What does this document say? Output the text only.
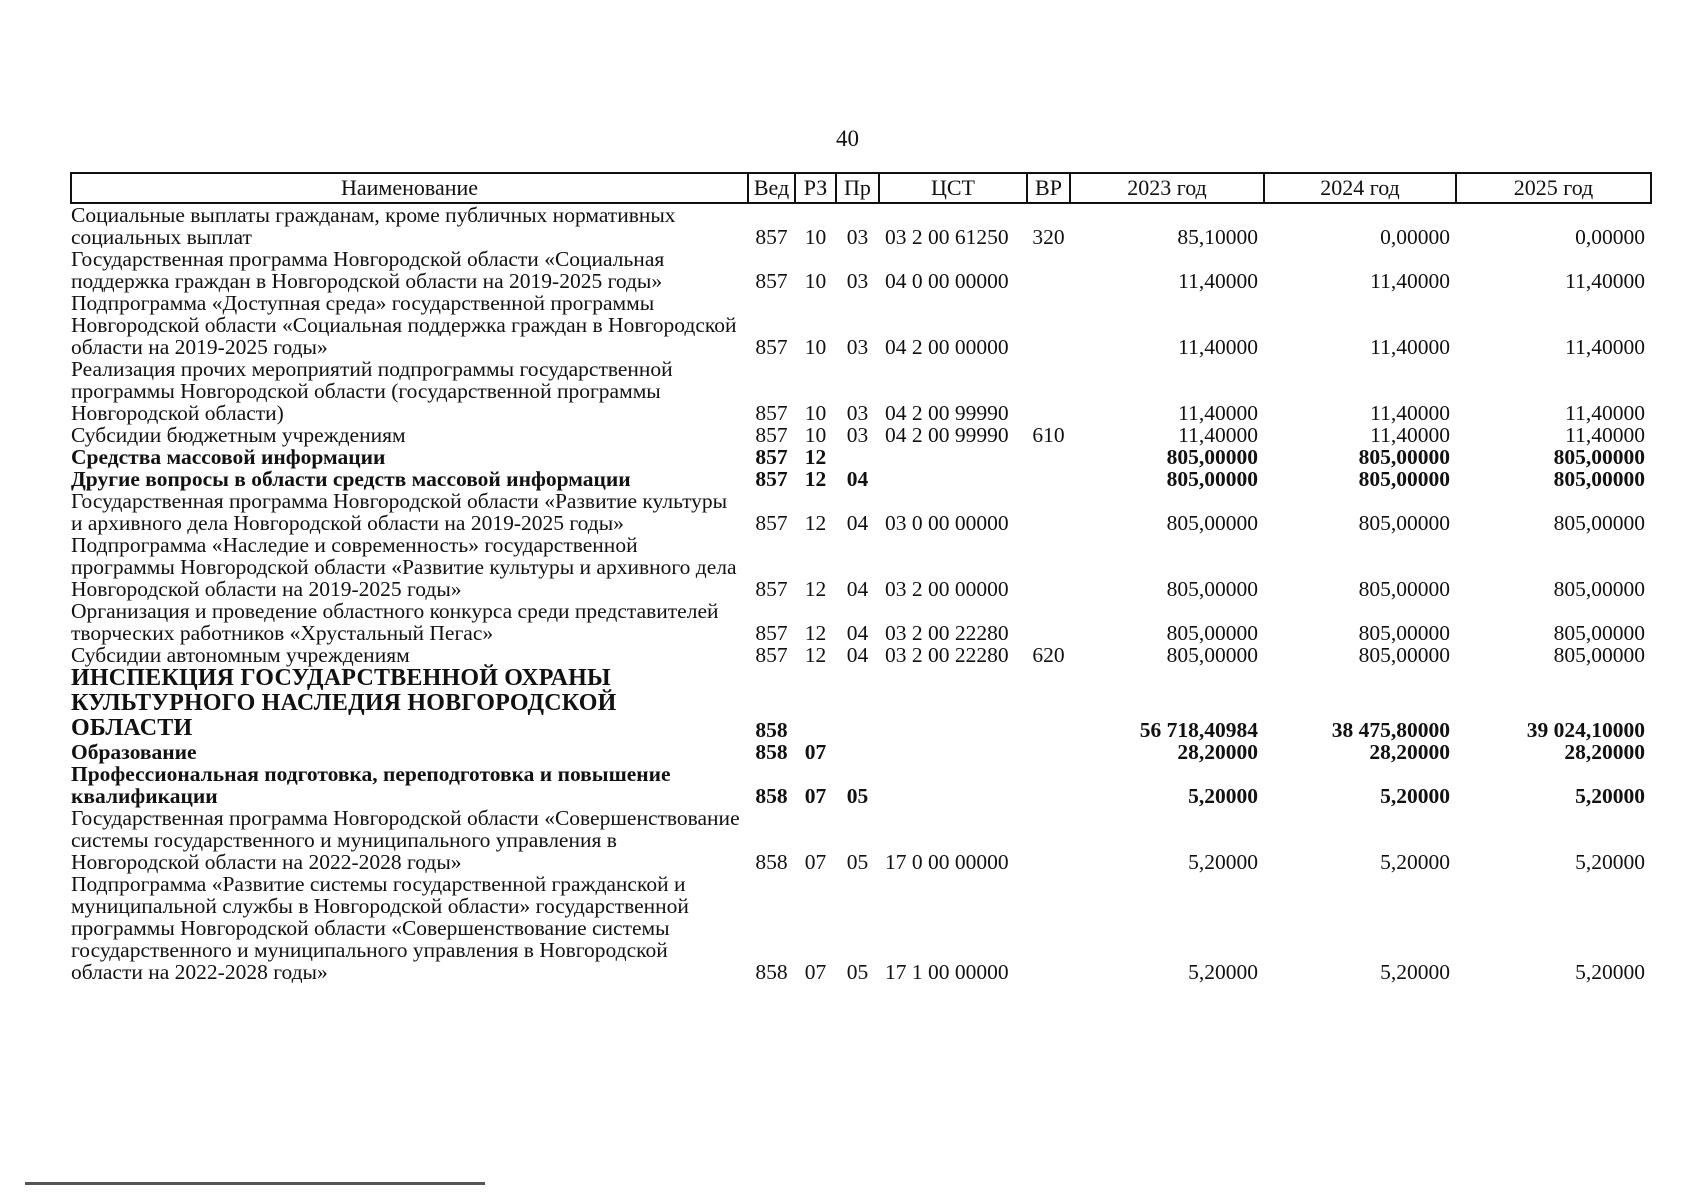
40
Наименование	Вед	РЗ	Пр	ЦСТ	ВР	2023 год	2024 год	2025 год
Социальные выплаты гражданам, кроме публичных нормативных социальных выплат	857	10	03	03 2 00 61250	320	85,10000	0,00000	0,00000
Государственная программа Новгородской области «Социальная поддержка граждан в Новгородской области на 2019-2025 годы»	857	10	03	04 0 00 00000		11,40000	11,40000	11,40000
Подпрограмма «Доступная среда» государственной программы Новгородской области «Социальная поддержка граждан в Новгородской области на 2019-2025 годы»	857	10	03	04 2 00 00000		11,40000	11,40000	11,40000
Реализация прочих мероприятий подпрограммы государственной программы Новгородской области (государственной программы Новгородской области)	857	10	03	04 2 00 99990		11,40000	11,40000	11,40000
Субсидии бюджетным учреждениям	857	10	03	04 2 00 99990	610	11,40000	11,40000	11,40000
Средства массовой информации	857	12				805,00000	805,00000	805,00000
Другие вопросы в области средств массовой информации	857	12	04			805,00000	805,00000	805,00000
Государственная программа Новгородской области «Развитие культуры и архивного дела Новгородской области на 2019-2025 годы»	857	12	04	03 0 00 00000		805,00000	805,00000	805,00000
Подпрограмма «Наследие и современность» государственной программы Новгородской области «Развитие культуры и архивного дела Новгородской области на 2019-2025 годы»	857	12	04	03 2 00 00000		805,00000	805,00000	805,00000
Организация и проведение областного конкурса среди представителей творческих работников «Хрустальный Пегас»	857	12	04	03 2 00 22280		805,00000	805,00000	805,00000
Субсидии автономным учреждениям	857	12	04	03 2 00 22280	620	805,00000	805,00000	805,00000
ИНСПЕКЦИЯ ГОСУДАРСТВЕННОЙ ОХРАНЫ КУЛЬТУРНОГО НАСЛЕДИЯ НОВГОРОДСКОЙ ОБЛАСТИ	858					56 718,40984	38 475,80000	39 024,10000
Образование	858	07				28,20000	28,20000	28,20000
Профессиональная подготовка, переподготовка и повышение квалификации	858	07	05			5,20000	5,20000	5,20000
Государственная программа Новгородской области «Совершенствование системы государственного и муниципального управления в Новгородской области на 2022-2028 годы»	858	07	05	17 0 00 00000		5,20000	5,20000	5,20000
Подпрограмма «Развитие системы государственной гражданской и муниципальной службы в Новгородской области» государственной программы Новгородской области «Совершенствование системы государственного и муниципального управления в Новгородской области на 2022-2028 годы»	858	07	05	17 1 00 00000		5,20000	5,20000	5,20000
